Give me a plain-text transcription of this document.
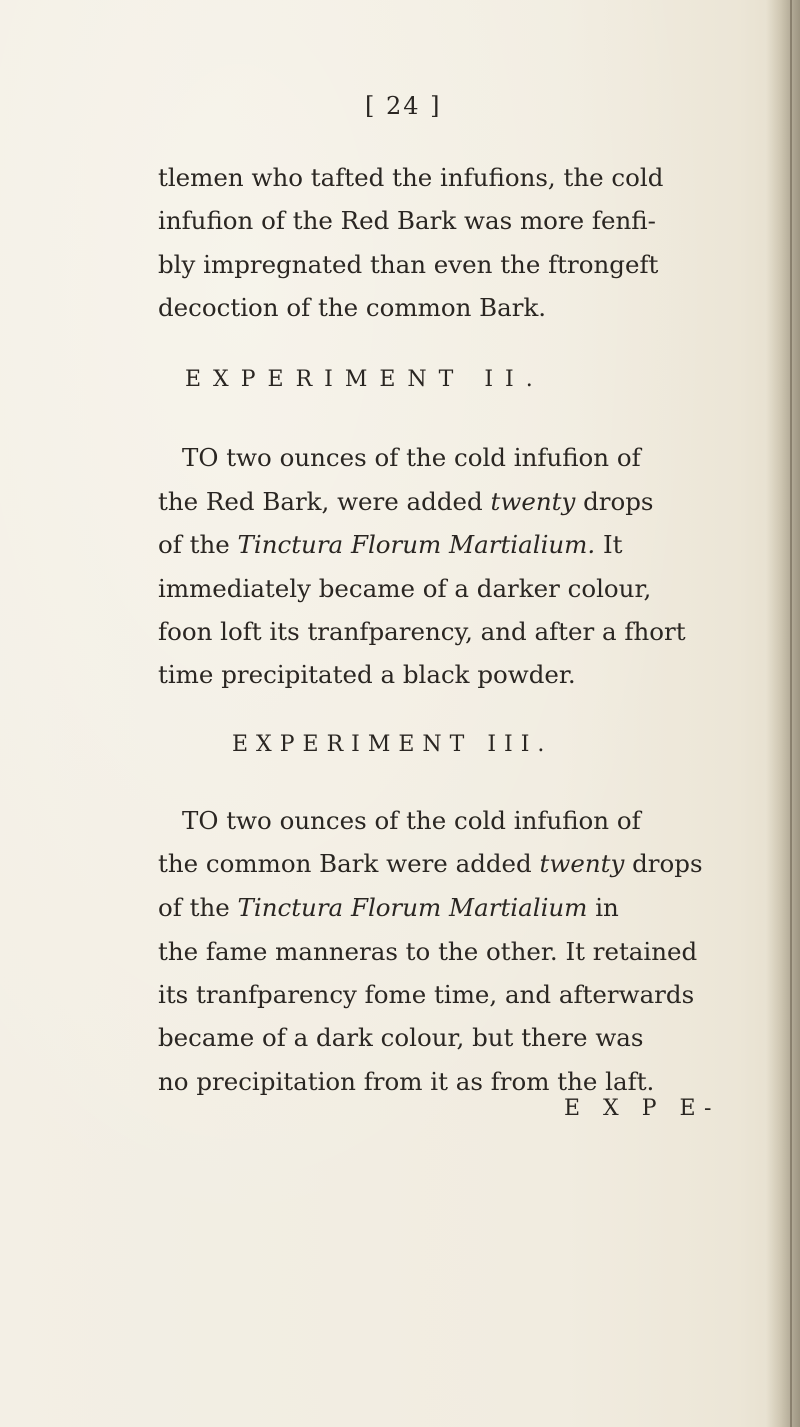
[ 24 ]
tlemen who tafted the infufions, the cold
infufion of the Red Bark was more fenfi-
bly impregnated than even the ftrongeft
decoction of the common Bark.
EXPERIMENT II.
TO two ounces of the cold infufion of
the Red Bark, were added twenty drops
of the Tinctura Florum Martialium. It
immediately became of a darker colour,
foon loft its tranfparency, and after a fhort
time precipitated a black powder.
EXPERIMENT III.
TO two ounces of the cold infufion of
the common Bark were added twenty drops
of the Tinctura Florum Martialium in
the fame manneras to the other. It retained
its tranfparency fome time, and afterwards
became of a dark colour, but there was
no precipitation from it as from the laft.
E X P E-
